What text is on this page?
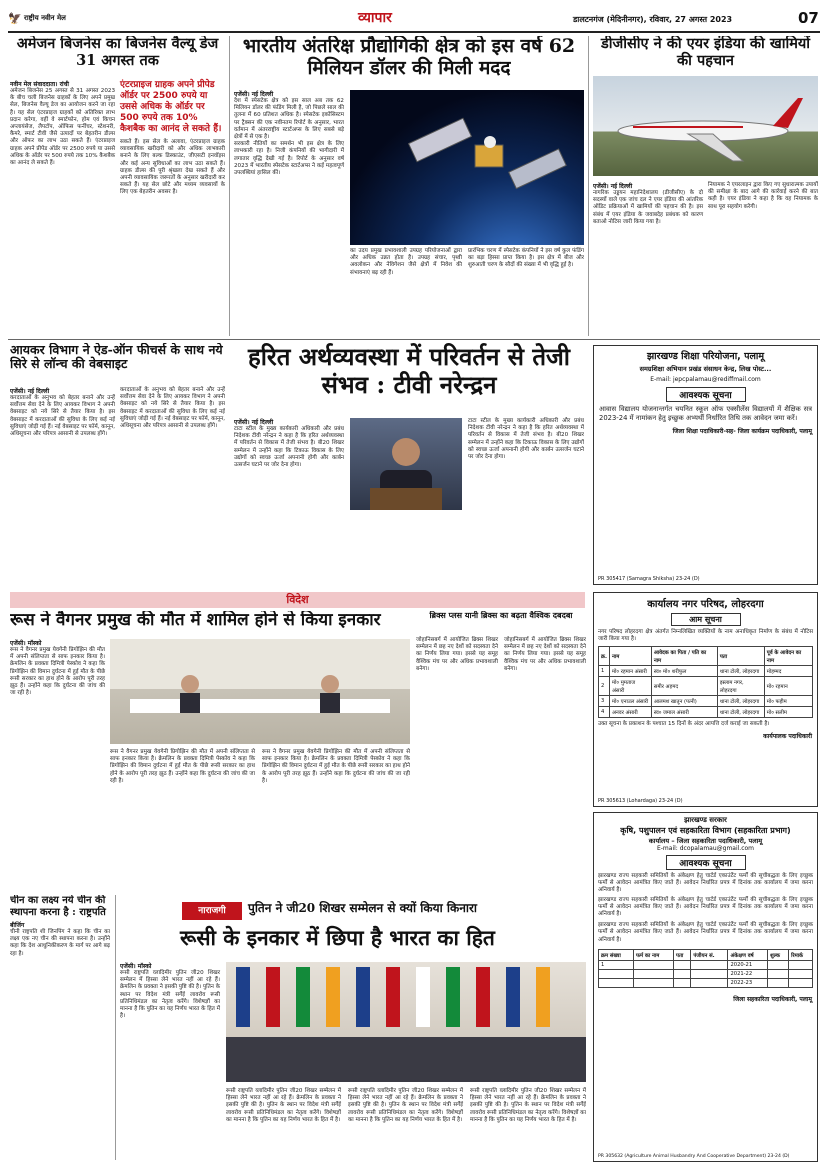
🦅 राष्ट्रीय नवीन मेल	व्यापार	डालटनगंज (मेदिनीनगर), रविवार, 27 अगस्त 2023	07
अमेजन बिजनेस का बिजनेस वैल्यू डेज 31 अगस्त तक
नवीन मेल संवाददाता। रांची
अमेजन बिजनेस 25 अगस्त से 31 अगस्त 2023 के बीच चली बिजनेस ग्राहकों के लिए अपने प्रमुख सेल, बिजनेस वैल्यू डेज का आयोजन करने जा रहा है। यह सेल एंटरप्राइज ग्राहकों को अतिरिक्त लाभ प्रदान करेगा, वहीं वे स्मार्टफोन, होम एवं किचन अप्लायंसेज, लैपटॉप, ऑफिस फर्नीचर, स्टेशनरी, कैमरे, स्मार्ट टीवी जैसे उत्पादों पर बेहतरीन डील्स और ऑफर का लाभ उठा सकते हैं। एंटरप्राइज ग्राहक अपने प्रीपेड ऑर्डर पर 2500 रुपये या उससे अधिक के ऑर्डर पर 500 रुपये तक 10% कैशबैक का आनंद ले सकते हैं।
एंटरप्राइज ग्राहक अपने प्रीपेड ऑर्डर पर 2500 रुपये या उससे अधिक के ऑर्डर पर 500 रुपये तक 10% कैशबैक का आनंद ले सकते हैं।
सकते हैं। इस सेल के अलावा, एंटरप्राइज ग्राहक व्यावसायिक खरीदारी को और अधिक लाभकारी बनाने के लिए बल्क डिस्काउंट, जीएसटी इनवॉइस और कई अन्य सुविधाओं का लाभ उठा सकते हैं। ग्राहक डील्स की पूरी श्रृंखला देख सकते हैं और अपनी व्यावसायिक जरूरतों के अनुसार खरीदारी कर सकते हैं। यह सेल छोटे और मध्यम व्यवसायों के लिए एक बेहतरीन अवसर है।
भारतीय अंतरिक्ष प्रौद्योगिकी क्षेत्र को इस वर्ष 62 मिलियन डॉलर की मिली मदद
एजेंसी। नई दिल्ली
देश में स्पेसटेक क्षेत्र को इस साल अब तक 62 मिलियन डॉलर की फंडिंग मिली है, जो पिछले साल की तुलना में 60 प्रतिशत अधिक है। स्पेसटेक इकोसिस्टम पर ट्रैक्सन की एक नवीनतम रिपोर्ट के अनुसार, भारत वर्तमान में अंतरराष्ट्रीय स्टार्टअप्स के लिए सबसे बड़े क्षेत्रों में से एक है।
सरकारी नीतियों का समर्थन भी इस क्षेत्र के लिए लाभकारी रहा है। निजी कंपनियों की भागीदारी में लगातार वृद्धि देखी गई है। रिपोर्ट के अनुसार वर्ष 2023 में भारतीय स्पेसटेक स्टार्टअप्स ने कई महत्वपूर्ण उपलब्धियां हासिल कीं।
का उदय प्रमुख प्रभावशाली उपग्रह परियोजनाओं द्वारा और अधिक उन्नत होता है। उपग्रह संचार, पृथ्वी अवलोकन और नेविगेशन जैसे क्षेत्रों में निवेश की संभावनाएं बढ़ रही हैं।
प्रारंभिक चरण में स्पेसटेक कंपनियों ने इस वर्ष कुल फंडिंग का बड़ा हिस्सा प्राप्त किया है। इस क्षेत्र में बीज और शुरुआती चरण के सौदों की संख्या में भी वृद्धि हुई है।
डीजीसीए ने की एयर इंडिया की खामियों की पहचान
एजेंसी। नई दिल्ली
नागरिक उड्डयन महानिदेशालय (डीजीसीए) के दो सदस्यों वाले एक जांच दल ने एयर इंडिया की आंतरिक ऑडिट प्रक्रियाओं में खामियों की पहचान की है। इस संबंध में एयर इंडिया के जवाबदेह प्रबंधक को कारण बताओ नोटिस जारी किया गया है।
नियामक ने एयरलाइन द्वारा किए गए सुधारात्मक उपायों की समीक्षा के बाद आगे की कार्रवाई करने की बात कही है। एयर इंडिया ने कहा है कि वह नियामक के साथ पूरा सहयोग करेगी।
आयकर विभाग ने ऐड-ऑन फीचर्स के साथ नये सिरे से लॉन्च की वेबसाइट
एजेंसी। नई दिल्ली
करदाताओं के अनुभव को बेहतर बनाने और उन्हें सर्वोत्तम सेवा देने के लिए आयकर विभाग ने अपनी वेबसाइट को नये सिरे से तैयार किया है। इस वेबसाइट में करदाताओं की सुविधा के लिए कई नई सुविधाएं जोड़ी गई हैं। नई वेबसाइट पर फॉर्म, कानून, अधिसूचना और परिपत्र आसानी से उपलब्ध होंगे।
करदाताओं के अनुभव को बेहतर बनाने और उन्हें सर्वोत्तम सेवा देने के लिए आयकर विभाग ने अपनी वेबसाइट को नये सिरे से तैयार किया है। इस वेबसाइट में करदाताओं की सुविधा के लिए कई नई सुविधाएं जोड़ी गई हैं। नई वेबसाइट पर फॉर्म, कानून, अधिसूचना और परिपत्र आसानी से उपलब्ध होंगे।
हरित अर्थव्यवस्था में परिवर्तन से तेजी संभव : टीवी नरेन्द्रन
एजेंसी। नई दिल्ली
टाटा स्टील के मुख्य कार्यकारी अधिकारी और प्रबंध निदेशक टीवी नरेन्द्रन ने कहा है कि हरित अर्थव्यवस्था में परिवर्तन से विकास में तेजी संभव है। बी20 शिखर सम्मेलन में उन्होंने कहा कि टिकाऊ विकास के लिए उद्योगों को स्वच्छ ऊर्जा अपनानी होगी और कार्बन उत्सर्जन घटाने पर जोर देना होगा।
टाटा स्टील के मुख्य कार्यकारी अधिकारी और प्रबंध निदेशक टीवी नरेन्द्रन ने कहा है कि हरित अर्थव्यवस्था में परिवर्तन से विकास में तेजी संभव है। बी20 शिखर सम्मेलन में उन्होंने कहा कि टिकाऊ विकास के लिए उद्योगों को स्वच्छ ऊर्जा अपनानी होगी और कार्बन उत्सर्जन घटाने पर जोर देना होगा।
झारखण्ड शिक्षा परियोजना, पलामू
समग्रशिक्षा अभियान प्रखंड संसाधन केन्द्र, लिख पोस्ट...
E-mail: jepcpalamau@rediffmail.com
आवश्यक सूचना
आवास विद्यालय योजनान्तर्गत चयनित स्कूल ऑफ एक्सीलेंस विद्यालयों में शैक्षिक सत्र 2023-24 में नामांकन हेतु इच्छुक अभ्यर्थी निर्धारित तिथि तक आवेदन जमा करें।
जिला शिक्षा पदाधिकारी-सह- जिला कार्यक्रम पदाधिकारी, पलामू
PR 305417 (Samagra Shiksha) 23-24 (D)
विदेश
रूस ने वैगनर प्रमुख की मौत में शामिल होने से किया इनकार
एजेंसी। मॉस्को
रूस ने वैगनर प्रमुख येवगेनी प्रिगोझिन की मौत में अपनी संलिप्तता से साफ इनकार किया है। क्रेमलिन के प्रवक्ता दिमित्री पेस्कोव ने कहा कि प्रिगोझिन की विमान दुर्घटना में हुई मौत के पीछे रूसी सरकार का हाथ होने के आरोप पूरी तरह झूठ हैं। उन्होंने कहा कि दुर्घटना की जांच की जा रही है।
रूस ने वैगनर प्रमुख येवगेनी प्रिगोझिन की मौत में अपनी संलिप्तता से साफ इनकार किया है। क्रेमलिन के प्रवक्ता दिमित्री पेस्कोव ने कहा कि प्रिगोझिन की विमान दुर्घटना में हुई मौत के पीछे रूसी सरकार का हाथ होने के आरोप पूरी तरह झूठ हैं। उन्होंने कहा कि दुर्घटना की जांच की जा रही है।
रूस ने वैगनर प्रमुख येवगेनी प्रिगोझिन की मौत में अपनी संलिप्तता से साफ इनकार किया है। क्रेमलिन के प्रवक्ता दिमित्री पेस्कोव ने कहा कि प्रिगोझिन की विमान दुर्घटना में हुई मौत के पीछे रूसी सरकार का हाथ होने के आरोप पूरी तरह झूठ हैं। उन्होंने कहा कि दुर्घटना की जांच की जा रही है।
ब्रिक्स प्लस यानी ब्रिक्स का बढ़ता वैश्विक दबदबा
जोहानिसबर्ग में आयोजित ब्रिक्स शिखर सम्मेलन में छह नए देशों को सदस्यता देने का निर्णय लिया गया। इससे यह समूह वैश्विक मंच पर और अधिक प्रभावशाली बनेगा।
जोहानिसबर्ग में आयोजित ब्रिक्स शिखर सम्मेलन में छह नए देशों को सदस्यता देने का निर्णय लिया गया। इससे यह समूह वैश्विक मंच पर और अधिक प्रभावशाली बनेगा।
चीन का लक्ष्य नये चीन की स्थापना करना है : राष्ट्रपति
बीजिंग
चीनी राष्ट्रपति शी जिनपिंग ने कहा कि चीन का लक्ष्य एक नए चीन की स्थापना करना है। उन्होंने कहा कि देश आधुनिकीकरण के मार्ग पर आगे बढ़ रहा है।
नाराजगी	पुतिन ने जी20 शिखर सम्मेलन से क्यों किया किनारा
रूसी के इनकार में छिपा है भारत का हित
एजेंसी। मॉस्को
रूसी राष्ट्रपति व्लादिमीर पुतिन जी20 शिखर सम्मेलन में हिस्सा लेने भारत नहीं आ रहे हैं। क्रेमलिन के प्रवक्ता ने इसकी पुष्टि की है। पुतिन के स्थान पर विदेश मंत्री सर्गेई लावरोव रूसी प्रतिनिधिमंडल का नेतृत्व करेंगे। विशेषज्ञों का मानना है कि पुतिन का यह निर्णय भारत के हित में है।
रूसी राष्ट्रपति व्लादिमीर पुतिन जी20 शिखर सम्मेलन में हिस्सा लेने भारत नहीं आ रहे हैं। क्रेमलिन के प्रवक्ता ने इसकी पुष्टि की है। पुतिन के स्थान पर विदेश मंत्री सर्गेई लावरोव रूसी प्रतिनिधिमंडल का नेतृत्व करेंगे। विशेषज्ञों का मानना है कि पुतिन का यह निर्णय भारत के हित में है।
रूसी राष्ट्रपति व्लादिमीर पुतिन जी20 शिखर सम्मेलन में हिस्सा लेने भारत नहीं आ रहे हैं। क्रेमलिन के प्रवक्ता ने इसकी पुष्टि की है। पुतिन के स्थान पर विदेश मंत्री सर्गेई लावरोव रूसी प्रतिनिधिमंडल का नेतृत्व करेंगे। विशेषज्ञों का मानना है कि पुतिन का यह निर्णय भारत के हित में है।
रूसी राष्ट्रपति व्लादिमीर पुतिन जी20 शिखर सम्मेलन में हिस्सा लेने भारत नहीं आ रहे हैं। क्रेमलिन के प्रवक्ता ने इसकी पुष्टि की है। पुतिन के स्थान पर विदेश मंत्री सर्गेई लावरोव रूसी प्रतिनिधिमंडल का नेतृत्व करेंगे। विशेषज्ञों का मानना है कि पुतिन का यह निर्णय भारत के हित में है।
कार्यालय नगर परिषद, लोहरदगा
आम सूचना
नगर परिषद लोहरदगा क्षेत्र अंतर्गत निम्नलिखित व्यक्तियों के नाम अनाधिकृत निर्माण के संबंध में नोटिस जारी किया गया है।
क्र.	नाम	आवेदक का पिता / पति का नाम	पता	पूर्व के आवेदन का नाम
1	मो० रहमान अंसारी	स्व० मो० शरीफुल	थाना टोली, लोहरदगा	मोहम्मद
2	मो० मुमताज अंसारी	समीर अहमद	इस्लाम नगर, लोहरदगा	मो० रहमान
3	मो० एनाउल अंसारी	आलमश खातून (पत्नी)	थाना टोली, लोहरदगा	मो० फहीम
4	अनवर अंसारी	स्व० जमाल अंसारी	थाना टोली, लोहरदगा	मो० सलीम
उक्त सूचना के प्रकाशन के पश्चात 15 दिनों के अंदर आपत्ति दर्ज कराई जा सकती है।
कार्यपालक पदाधिकारी
PR 305613 (Lohardaga) 23-24 (D)
झारखण्ड सरकार
कृषि, पशुपालन एवं सहकारिता विभाग (सहकारिता प्रभाग)
कार्यालय – जिला सहकारिता पदाधिकारी, पलामू
E-mail: dcopalamau@gmail.com
आवश्यक सूचना
झारखण्ड राज्य सहकारी समितियों के अंकेक्षण हेतु चार्टर्ड एकाउंटेंट फर्मों की सूचीबद्धता के लिए इच्छुक फर्मों से आवेदन आमंत्रित किए जाते हैं। आवेदन निर्धारित प्रपत्र में दिनांक तक कार्यालय में जमा करना अनिवार्य है।
झारखण्ड राज्य सहकारी समितियों के अंकेक्षण हेतु चार्टर्ड एकाउंटेंट फर्मों की सूचीबद्धता के लिए इच्छुक फर्मों से आवेदन आमंत्रित किए जाते हैं। आवेदन निर्धारित प्रपत्र में दिनांक तक कार्यालय में जमा करना अनिवार्य है।
झारखण्ड राज्य सहकारी समितियों के अंकेक्षण हेतु चार्टर्ड एकाउंटेंट फर्मों की सूचीबद्धता के लिए इच्छुक फर्मों से आवेदन आमंत्रित किए जाते हैं। आवेदन निर्धारित प्रपत्र में दिनांक तक कार्यालय में जमा करना अनिवार्य है।
क्रम संख्या	फर्म का नाम	पता	पंजीयन सं.	अंकेक्षण वर्ष	शुल्क	रिमार्क
1				2020-21		
				2021-22		
				2022-23		
जिला सहकारिता पदाधिकारी, पलामू
PR 305632 (Agriculture Animal Husbandry And Cooperative Department) 23-24 (D)
